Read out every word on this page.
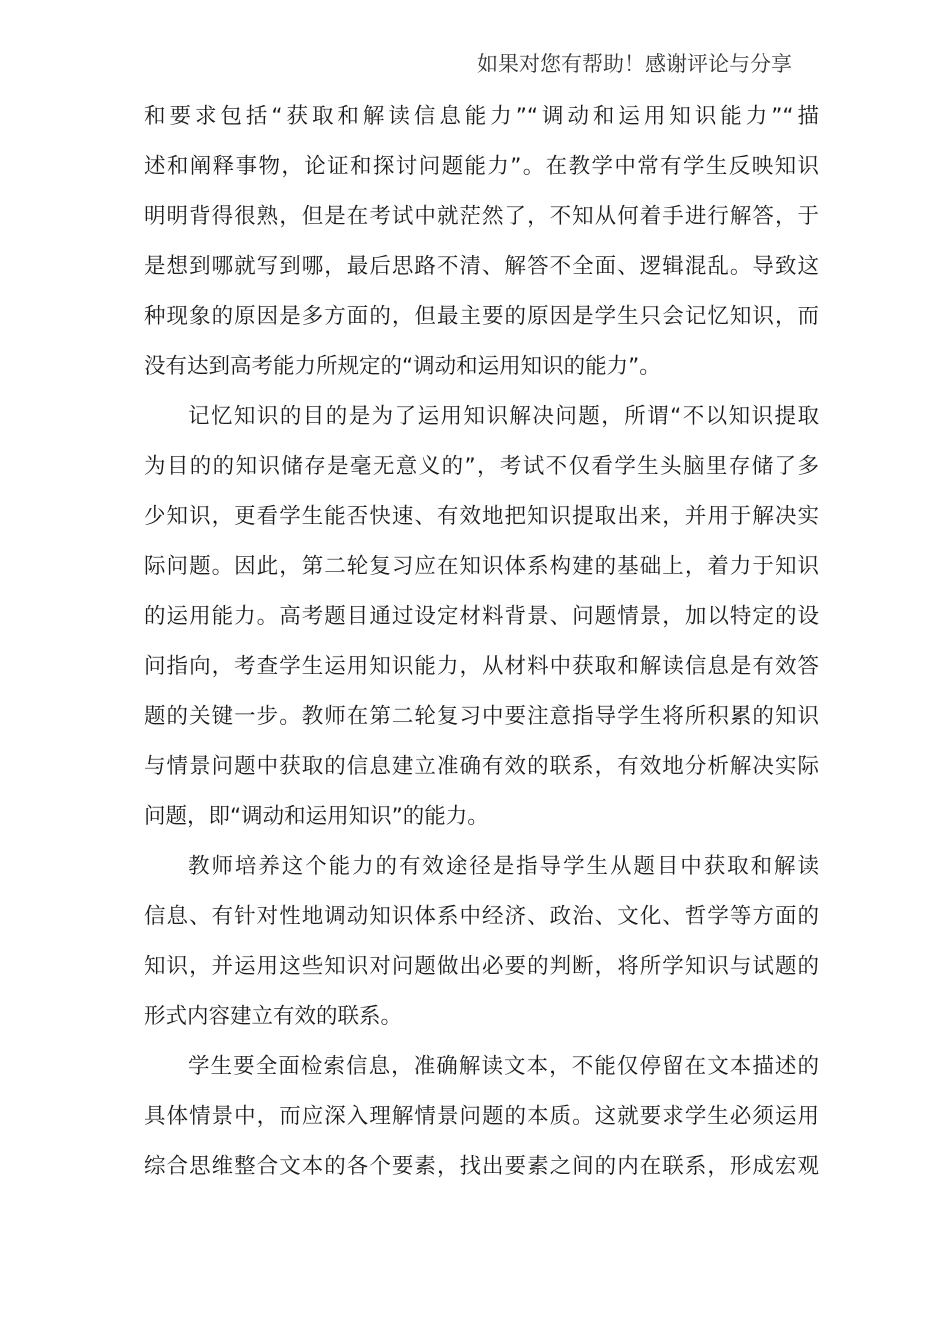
如果对您有帮助！感谢评论与分享
和要求包括“获取和解读信息能力”“调动和运用知识能力”“描
述和阐释事物，论证和探讨问题能力”。在教学中常有学生反映知识
明明背得很熟，但是在考试中就茫然了，不知从何着手进行解答，于
是想到哪就写到哪，最后思路不清、解答不全面、逻辑混乱。导致这
种现象的原因是多方面的，但最主要的原因是学生只会记忆知识，而
没有达到高考能力所规定的“调动和运用知识的能力”。
记忆知识的目的是为了运用知识解决问题，所谓“不以知识提取
为目的的知识储存是毫无意义的”，考试不仅看学生头脑里存储了多
少知识，更看学生能否快速、有效地把知识提取出来，并用于解决实
际问题。因此，第二轮复习应在知识体系构建的基础上，着力于知识
的运用能力。高考题目通过设定材料背景、问题情景，加以特定的设
问指向，考查学生运用知识能力，从材料中获取和解读信息是有效答
题的关键一步。教师在第二轮复习中要注意指导学生将所积累的知识
与情景问题中获取的信息建立准确有效的联系，有效地分析解决实际
问题，即“调动和运用知识”的能力。
教师培养这个能力的有效途径是指导学生从题目中获取和解读
信息、有针对性地调动知识体系中经济、政治、文化、哲学等方面的
知识，并运用这些知识对问题做出必要的判断，将所学知识与试题的
形式内容建立有效的联系。
学生要全面检索信息，准确解读文本，不能仅停留在文本描述的
具体情景中，而应深入理解情景问题的本质。这就要求学生必须运用
综合思维整合文本的各个要素，找出要素之间的内在联系，形成宏观
